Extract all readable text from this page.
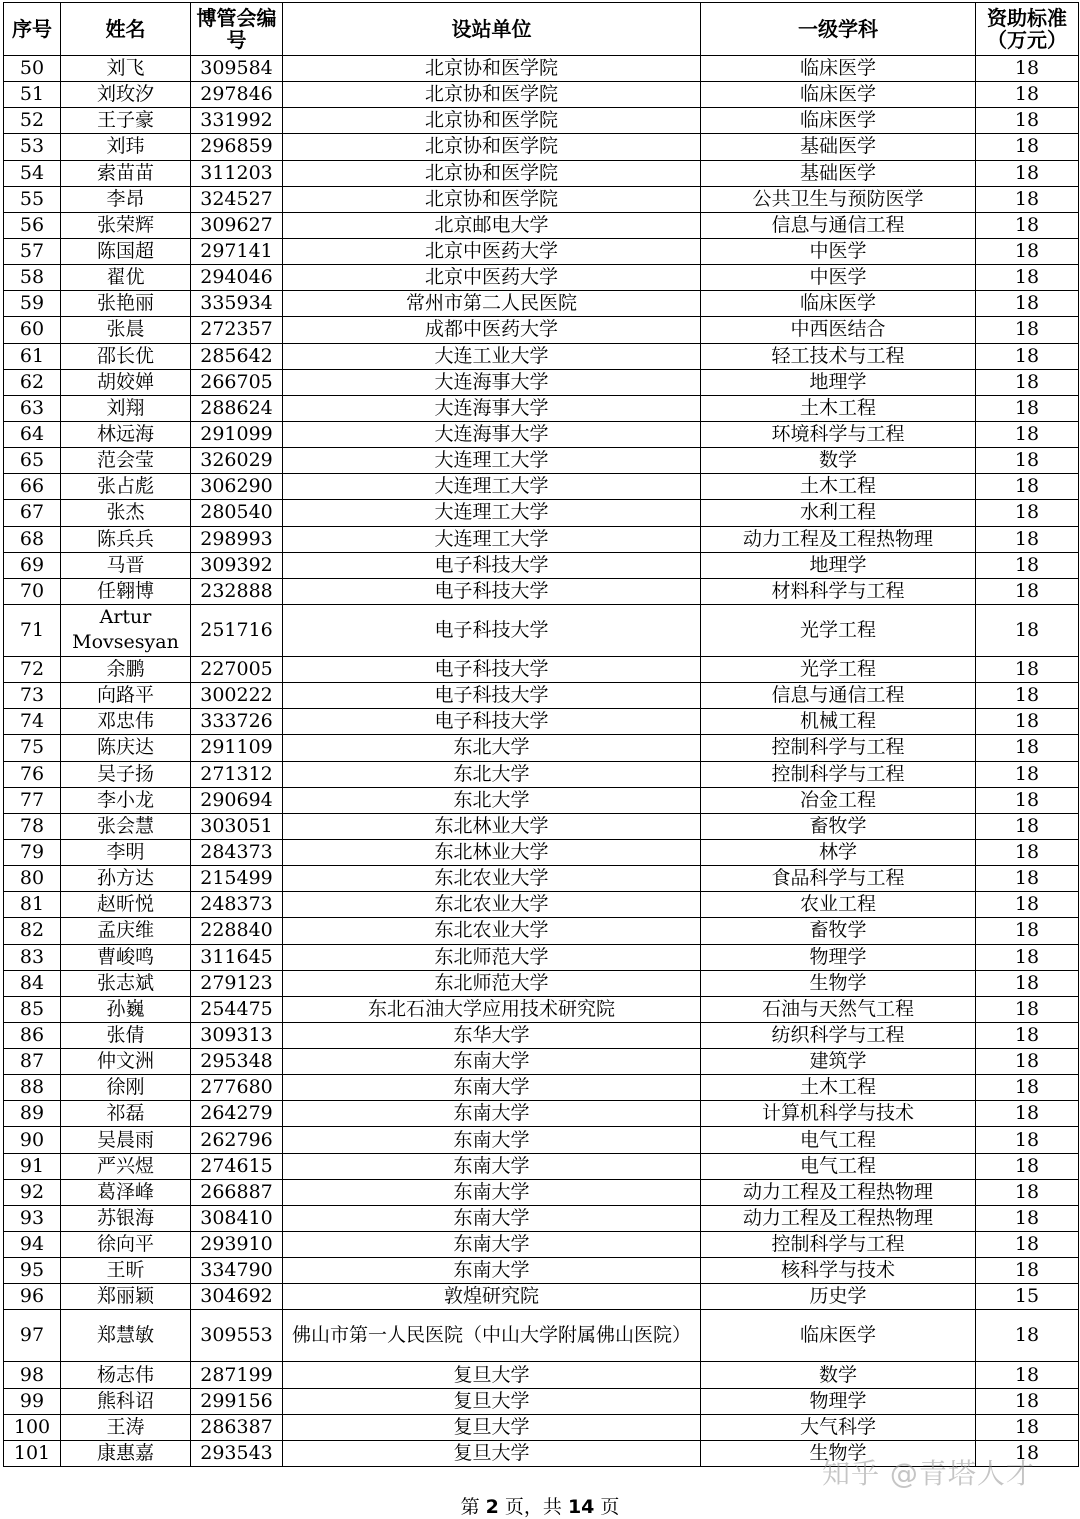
序号	姓名	博管会编号	设站单位	一级学科	资助标准（万元）
50	刘飞	309584	北京协和医学院	临床医学	18
51	刘玫汐	297846	北京协和医学院	临床医学	18
52	王子豪	331992	北京协和医学院	临床医学	18
53	刘玮	296859	北京协和医学院	基础医学	18
54	索苗苗	311203	北京协和医学院	基础医学	18
55	李昂	324527	北京协和医学院	公共卫生与预防医学	18
56	张荣辉	309627	北京邮电大学	信息与通信工程	18
57	陈国超	297141	北京中医药大学	中医学	18
58	翟优	294046	北京中医药大学	中医学	18
59	张艳丽	335934	常州市第二人民医院	临床医学	18
60	张晨	272357	成都中医药大学	中西医结合	18
61	邵长优	285642	大连工业大学	轻工技术与工程	18
62	胡姣婵	266705	大连海事大学	地理学	18
63	刘翔	288624	大连海事大学	土木工程	18
64	林远海	291099	大连海事大学	环境科学与工程	18
65	范会莹	326029	大连理工大学	数学	18
66	张占彪	306290	大连理工大学	土木工程	18
67	张杰	280540	大连理工大学	水利工程	18
68	陈兵兵	298993	大连理工大学	动力工程及工程热物理	18
69	马晋	309392	电子科技大学	地理学	18
70	任翱博	232888	电子科技大学	材料科学与工程	18
71	Artur Movsesyan	251716	电子科技大学	光学工程	18
72	余鹏	227005	电子科技大学	光学工程	18
73	向路平	300222	电子科技大学	信息与通信工程	18
74	邓忠伟	333726	电子科技大学	机械工程	18
75	陈庆达	291109	东北大学	控制科学与工程	18
76	吴子扬	271312	东北大学	控制科学与工程	18
77	李小龙	290694	东北大学	冶金工程	18
78	张会慧	303051	东北林业大学	畜牧学	18
79	李明	284373	东北林业大学	林学	18
80	孙方达	215499	东北农业大学	食品科学与工程	18
81	赵昕悦	248373	东北农业大学	农业工程	18
82	孟庆维	228840	东北农业大学	畜牧学	18
83	曹峻鸣	311645	东北师范大学	物理学	18
84	张志斌	279123	东北师范大学	生物学	18
85	孙巍	254475	东北石油大学应用技术研究院	石油与天然气工程	18
86	张倩	309313	东华大学	纺织科学与工程	18
87	仲文洲	295348	东南大学	建筑学	18
88	徐刚	277680	东南大学	土木工程	18
89	祁磊	264279	东南大学	计算机科学与技术	18
90	吴晨雨	262796	东南大学	电气工程	18
91	严兴煜	274615	东南大学	电气工程	18
92	葛泽峰	266887	东南大学	动力工程及工程热物理	18
93	苏银海	308410	东南大学	动力工程及工程热物理	18
94	徐向平	293910	东南大学	控制科学与工程	18
95	王昕	334790	东南大学	核科学与技术	18
96	郑丽颖	304692	敦煌研究院	历史学	15
97	郑慧敏	309553	佛山市第一人民医院（中山大学附属佛山医院）	临床医学	18
98	杨志伟	287199	复旦大学	数学	18
99	熊科诏	299156	复旦大学	物理学	18
100	王涛	286387	复旦大学	大气科学	18
101	康惠嘉	293543	复旦大学	生物学	18
知乎 @青塔人才
第 2 页，共 14 页
